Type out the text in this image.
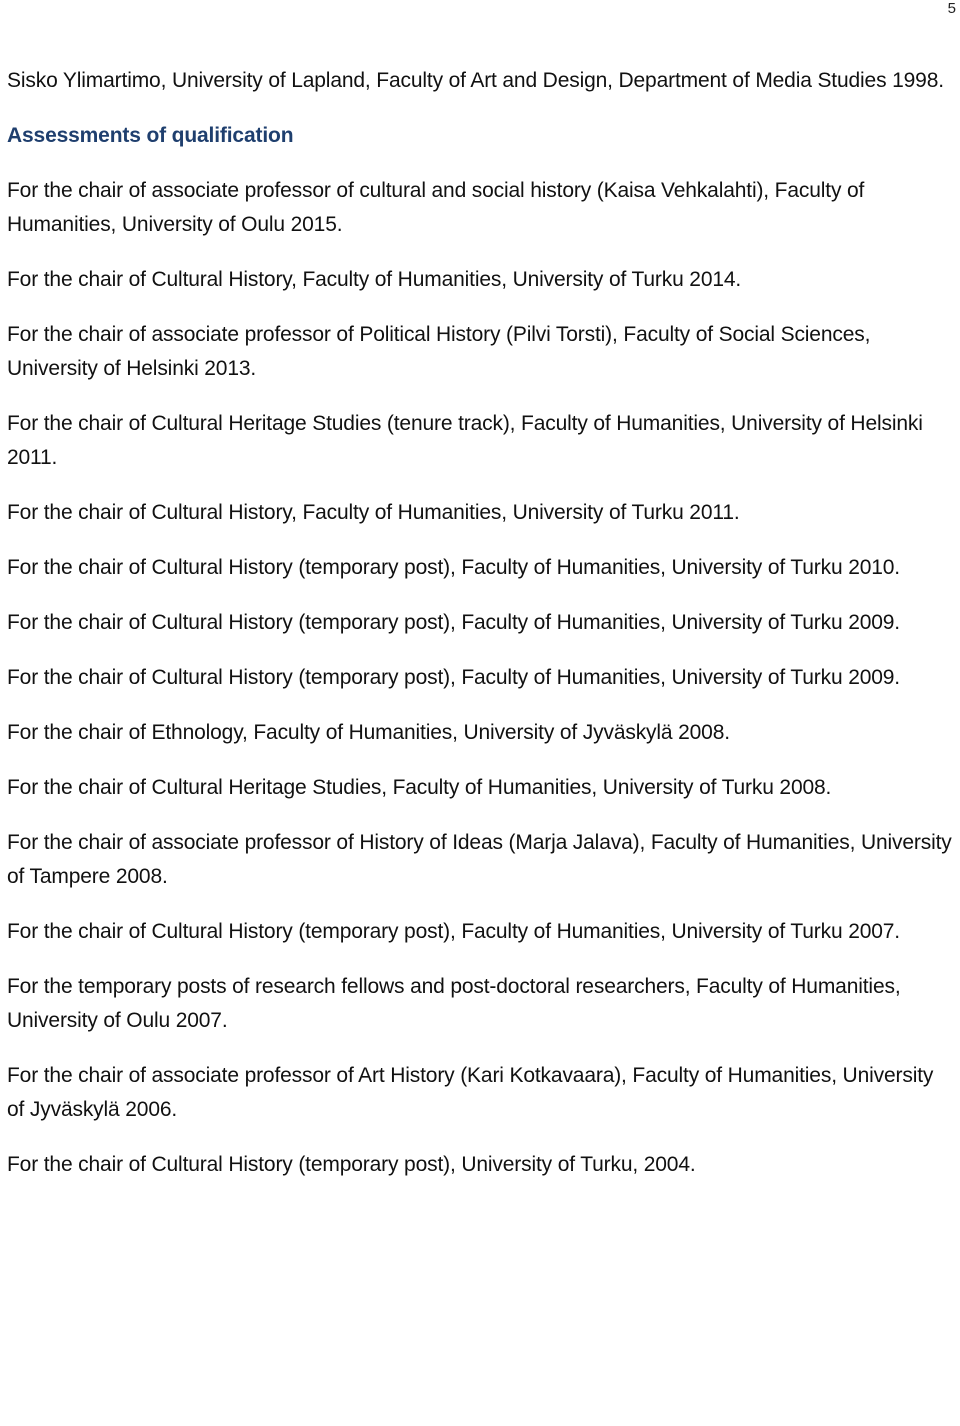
5

Sisko Ylimartimo, University of Lapland, Faculty of Art and Design, Department of Media Studies 1998.

Assessments of qualification

For the chair of associate professor of cultural and social history (Kaisa Vehkalahti), Faculty of Humanities, University of Oulu 2015.

For the chair of Cultural History, Faculty of Humanities, University of Turku 2014.

For the chair of associate professor of Political History (Pilvi Torsti), Faculty of Social Sciences, University of Helsinki 2013.

For the chair of Cultural Heritage Studies (tenure track), Faculty of Humanities, University of Helsinki 2011.

For the chair of Cultural History, Faculty of Humanities, University of Turku 2011.

For the chair of Cultural History (temporary post), Faculty of Humanities, University of Turku 2010.

For the chair of Cultural History (temporary post), Faculty of Humanities, University of Turku 2009.

For the chair of Cultural History (temporary post), Faculty of Humanities, University of Turku 2009.

For the chair of Ethnology, Faculty of Humanities, University of Jyväskylä 2008.

For the chair of Cultural Heritage Studies, Faculty of Humanities, University of Turku 2008.

For the chair of associate professor of History of Ideas (Marja Jalava), Faculty of Humanities, University of Tampere 2008.

For the chair of Cultural History (temporary post), Faculty of Humanities, University of Turku 2007.

For the temporary posts of research fellows and post-doctoral researchers, Faculty of Humanities, University of Oulu 2007.

For the chair of associate professor of Art History (Kari Kotkavaara), Faculty of Humanities, University of Jyväskylä 2006.

For the chair of Cultural History (temporary post), University of Turku, 2004.
